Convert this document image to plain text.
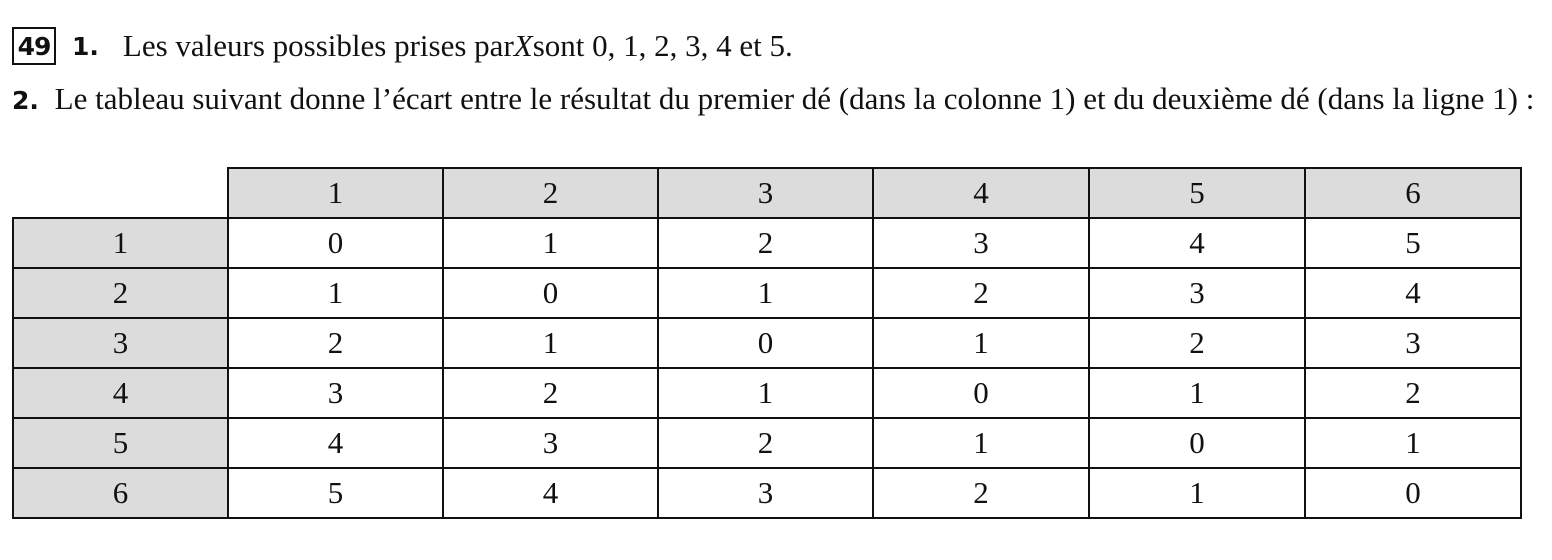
49 1. Les valeurs possibles prises par X sont 0, 1, 2, 3, 4 et 5.
2. Le tableau suivant donne l’écart entre le résultat du premier dé (dans la colonne 1) et du deuxième dé (dans la ligne 1) :
	1	2	3	4	5	6
1	0	1	2	3	4	5
2	1	0	1	2	3	4
3	2	1	0	1	2	3
4	3	2	1	0	1	2
5	4	3	2	1	0	1
6	5	4	3	2	1	0
